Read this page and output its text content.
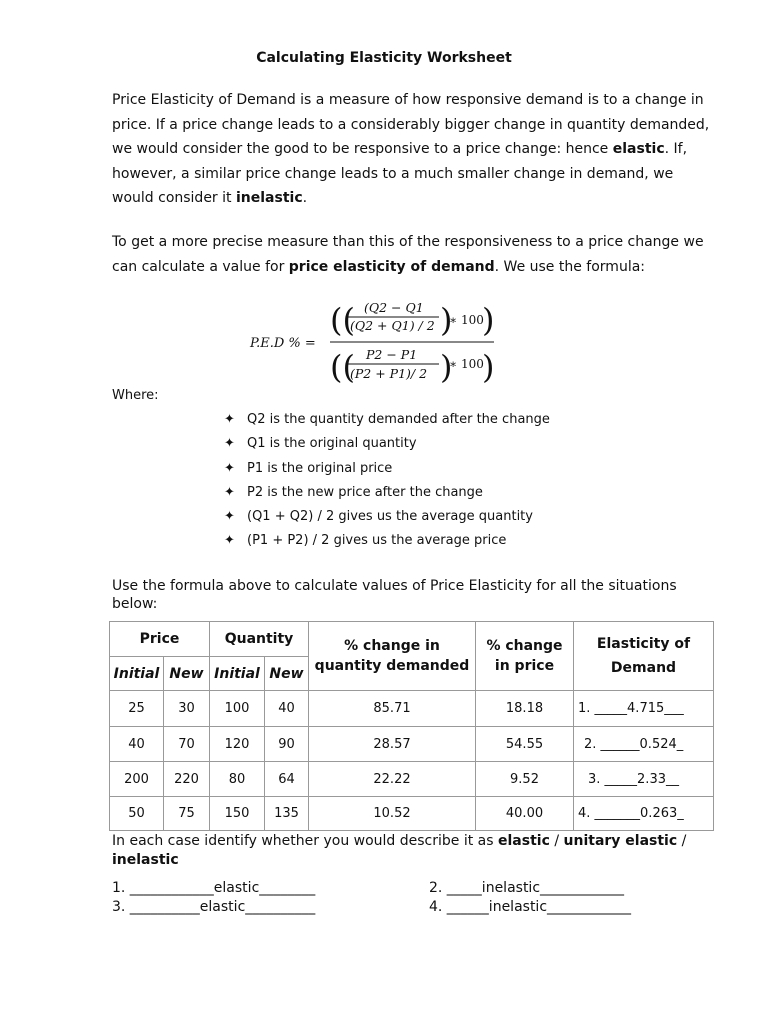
Calculating Elasticity Worksheet
Price Elasticity of Demand is a measure of how responsive demand is to a change in price. If a price change leads to a considerably bigger change in quantity demanded, we would consider the good to be responsive to a price change: hence elastic. If, however, a similar price change leads to a much smaller change in demand, we would consider it inelastic.
To get a more precise measure than this of the responsiveness to a price change we can calculate a value for price elasticity of demand. We use the formula:
P.E.D % =
(( (Q2 − Q1
(Q2 + Q1) / 2 )
∗ 100
)
(( P2 − P1
(P2 + P1)/ 2 )
∗ 100
)
Where:
✦ Q2 is the quantity demanded after the change
✦ Q1 is the original quantity
✦ P1 is the original price
✦ P2 is the new price after the change
✦ (Q1 + Q2) / 2 gives us the average quantity
✦ (P1 + P2) / 2 gives us the average price
Use the formula above to calculate values of Price Elasticity for all the situations below:
Price		Quantity		% change in quantity demanded	% change in price	Elasticity of Demand
Initial	New	Initial	New			
25	30	100	40	85.71	18.18	1. _____4.715___
40	70	120	90	28.57	54.55	2. ______0.524_
200	220	80	64	22.22	9.52	3. _____2.33__
50	75	150	135	10.52	40.00	4. _______0.263_
In each case identify whether you would describe it as elastic / unitary elastic / inelastic
1. ____________elastic________	2. _____inelastic____________
3. __________elastic__________	4. ______inelastic____________
